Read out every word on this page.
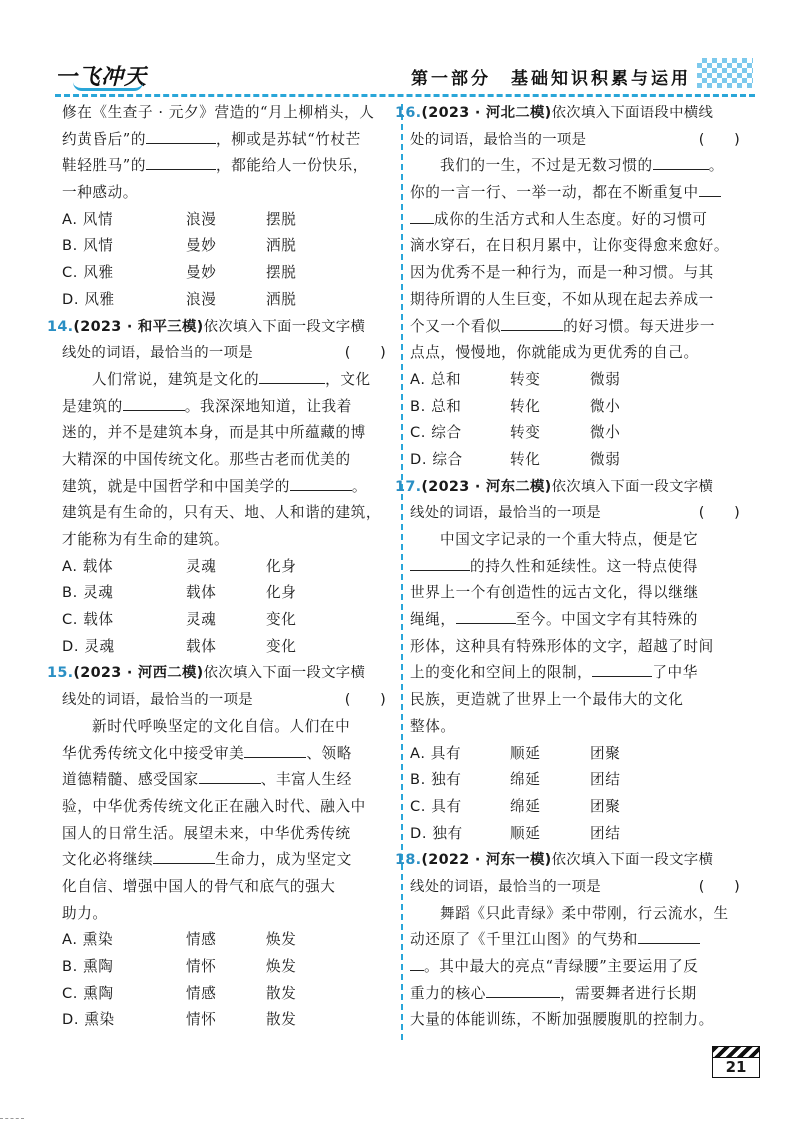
一飞冲天	第一部分　基础知识积累与运用
修在《生查子 · 元夕》营造的“月上柳梢头，人
约黄昏后”的	，柳或是苏轼“竹杖芒
鞋轻胜马”的	，都能给人一份快乐，
一种感动。
A. 风情	浪漫	摆脱
B. 风情	曼妙	洒脱
C. 风雅	曼妙	摆脱
D. 风雅	浪漫	洒脱
14.(2023 · 和平三模)依次填入下面一段文字横
线处的词语，最恰当的一项是	(　　)
人们常说，建筑是文化的	，文化
是建筑的	。我深深地知道，让我着
迷的，并不是建筑本身，而是其中所蕴藏的博
大精深的中国传统文化。那些古老而优美的
建筑，就是中国哲学和中国美学的	。
建筑是有生命的，只有天、地、人和谐的建筑，
才能称为有生命的建筑。
A. 载体	灵魂	化身
B. 灵魂	载体	化身
C. 载体	灵魂	变化
D. 灵魂	载体	变化
15.(2023 · 河西二模)依次填入下面一段文字横
线处的词语，最恰当的一项是	(　　)
新时代呼唤坚定的文化自信。人们在中
华优秀传统文化中接受审美	、领略
道德精髓、感受国家	、丰富人生经
验，中华优秀传统文化正在融入时代、融入中
国人的日常生活。展望未来，中华优秀传统
文化必将继续	生命力，成为坚定文
化自信、增强中国人的骨气和底气的强大
助力。
A. 熏染	情感	焕发
B. 熏陶	情怀	焕发
C. 熏陶	情感	散发
D. 熏染	情怀	散发
16.(2023 · 河北二模)依次填入下面语段中横线
处的词语，最恰当的一项是	(　　)
我们的一生，不过是无数习惯的	。
你的一言一行、一举一动，都在不断重复中
成你的生活方式和人生态度。好的习惯可
滴水穿石，在日积月累中，让你变得愈来愈好。
因为优秀不是一种行为，而是一种习惯。与其
期待所谓的人生巨变，不如从现在起去养成一
个又一个看似	的好习惯。每天进步一
点点，慢慢地，你就能成为更优秀的自己。
A. 总和	转变	微弱
B. 总和	转化	微小
C. 综合	转变	微小
D. 综合	转化	微弱
17.(2023 · 河东二模)依次填入下面一段文字横
线处的词语，最恰当的一项是	(　　)
中国文字记录的一个重大特点，便是它
的持久性和延续性。这一特点使得
世界上一个有创造性的远古文化，得以继继
绳绳，	至今。中国文字有其特殊的
形体，这种具有特殊形体的文字，超越了时间
上的变化和空间上的限制，	了中华
民族，更造就了世界上一个最伟大的文化
整体。
A. 具有	顺延	团聚
B. 独有	绵延	团结
C. 具有	绵延	团聚
D. 独有	顺延	团结
18.(2022 · 河东一模)依次填入下面一段文字横
线处的词语，最恰当的一项是	(　　)
舞蹈《只此青绿》柔中带刚，行云流水，生
动还原了《千里江山图》的气势和
。其中最大的亮点“青绿腰”主要运用了反
重力的核心	，需要舞者进行长期
大量的体能训练，不断加强腰腹肌的控制力。
21
